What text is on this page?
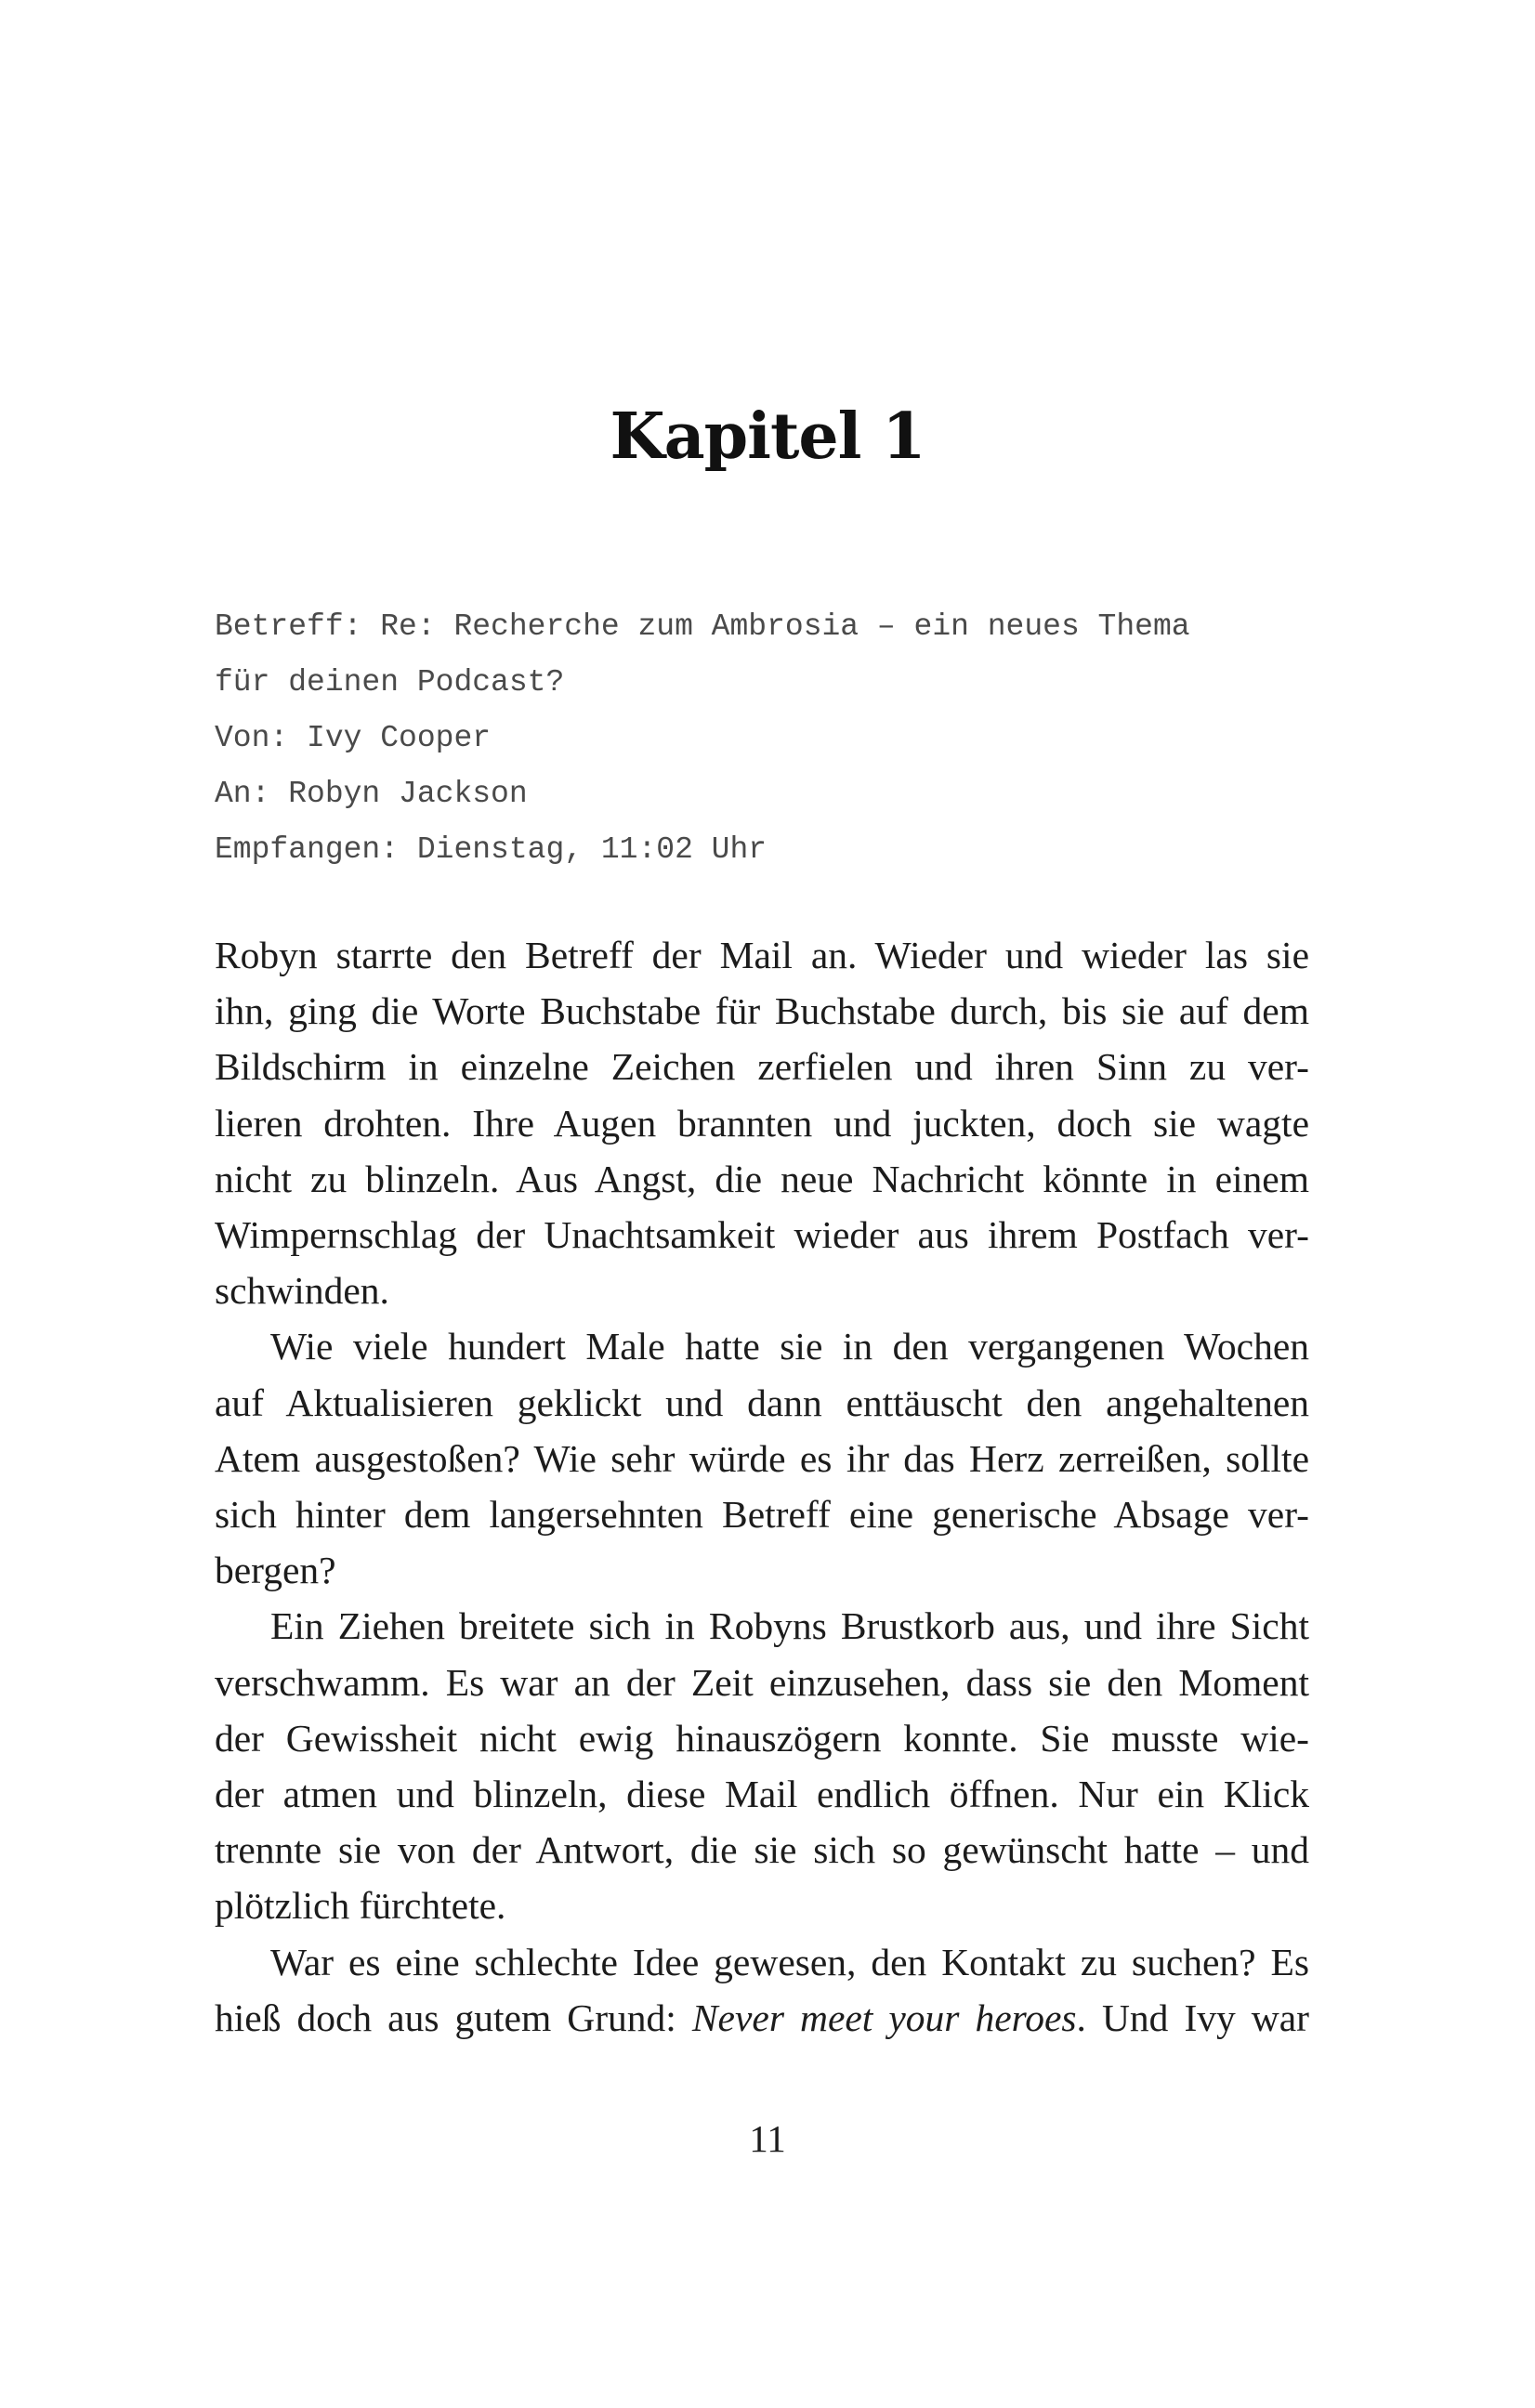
Kapitel 1
Betreff: Re: Recherche zum Ambrosia – ein neues Thema
für deinen Podcast?
Von: Ivy Cooper
An: Robyn Jackson
Empfangen: Dienstag, 11:02 Uhr
Robyn starrte den Betreff der Mail an. Wieder und wieder las sie
ihn, ging die Worte Buchstabe für Buchstabe durch, bis sie auf dem
Bildschirm in einzelne Zeichen zerfielen und ihren Sinn zu ver-
lieren drohten. Ihre Augen brannten und juckten, doch sie wagte
nicht zu blinzeln. Aus Angst, die neue Nachricht könnte in einem
Wimpernschlag der Unachtsamkeit wieder aus ihrem Postfach ver-
schwinden.
Wie viele hundert Male hatte sie in den vergangenen Wochen
auf Aktualisieren geklickt und dann enttäuscht den angehaltenen
Atem ausgestoßen? Wie sehr würde es ihr das Herz zerreißen, sollte
sich hinter dem langersehnten Betreff eine generische Absage ver-
bergen?
Ein Ziehen breitete sich in Robyns Brustkorb aus, und ihre Sicht
verschwamm. Es war an der Zeit einzusehen, dass sie den Moment
der Gewissheit nicht ewig hinauszögern konnte. Sie musste wie-
der atmen und blinzeln, diese Mail endlich öffnen. Nur ein Klick
trennte sie von der Antwort, die sie sich so gewünscht hatte – und
plötzlich fürchtete.
War es eine schlechte Idee gewesen, den Kontakt zu suchen? Es
hieß doch aus gutem Grund: Never meet your heroes. Und Ivy war
11
